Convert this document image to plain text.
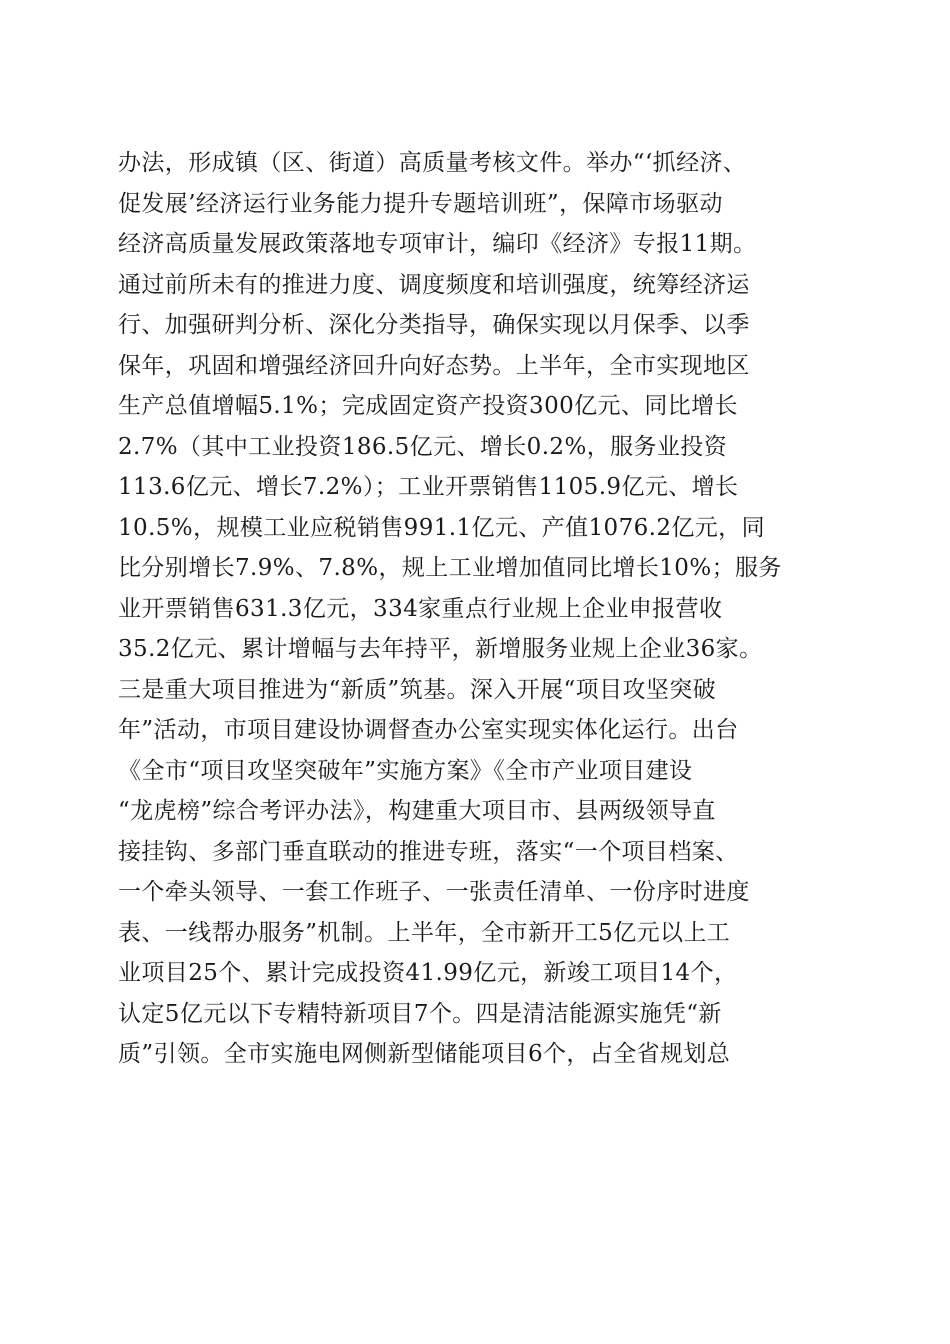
办法，形成镇（区、街道）高质量考核文件。举办“‘抓经济、
促发展’经济运行业务能力提升专题培训班”，保障市场驱动
经济高质量发展政策落地专项审计，编印《经济》专报11期。
通过前所未有的推进力度、调度频度和培训强度，统筹经济运
行、加强研判分析、深化分类指导，确保实现以月保季、以季
保年，巩固和增强经济回升向好态势。上半年，全市实现地区
生产总值增幅5.1%；完成固定资产投资300亿元、同比增长
2.7%（其中工业投资186.5亿元、增长0.2%，服务业投资
113.6亿元、增长7.2%）；工业开票销售1105.9亿元、增长
10.5%，规模工业应税销售991.1亿元、产值1076.2亿元，同
比分别增长7.9%、7.8%，规上工业增加值同比增长10%；服务
业开票销售631.3亿元，334家重点行业规上企业申报营收
35.2亿元、累计增幅与去年持平，新增服务业规上企业36家。
三是重大项目推进为“新质”筑基。深入开展“项目攻坚突破
年”活动，市项目建设协调督查办公室实现实体化运行。出台
《全市“项目攻坚突破年”实施方案》《全市产业项目建设
“龙虎榜”综合考评办法》，构建重大项目市、县两级领导直
接挂钩、多部门垂直联动的推进专班，落实“一个项目档案、
一个牵头领导、一套工作班子、一张责任清单、一份序时进度
表、一线帮办服务”机制。上半年，全市新开工5亿元以上工
业项目25个、累计完成投资41.99亿元，新竣工项目14个，
认定5亿元以下专精特新项目7个。四是清洁能源实施凭“新
质”引领。全市实施电网侧新型储能项目6个，占全省规划总
